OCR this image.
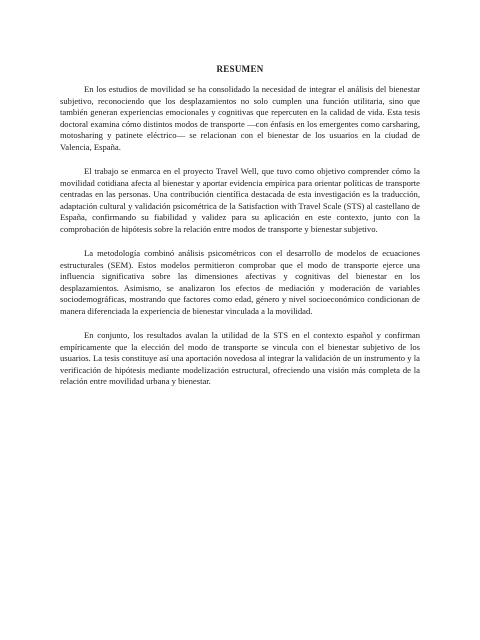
RESUMEN

En los estudios de movilidad se ha consolidado la necesidad de integrar el análisis del bienestar subjetivo, reconociendo que los desplazamientos no solo cumplen una función utilitaria, sino que también generan experiencias emocionales y cognitivas que repercuten en la calidad de vida. Esta tesis doctoral examina cómo distintos modos de transporte —con énfasis en los emergentes como carsharing, motosharing y patinete eléctrico— se relacionan con el bienestar de los usuarios en la ciudad de Valencia, España.

El trabajo se enmarca en el proyecto Travel Well, que tuvo como objetivo comprender cómo la movilidad cotidiana afecta al bienestar y aportar evidencia empírica para orientar políticas de transporte centradas en las personas. Una contribución científica destacada de esta investigación es la traducción, adaptación cultural y validación psicométrica de la Satisfaction with Travel Scale (STS) al castellano de España, confirmando su fiabilidad y validez para su aplicación en este contexto, junto con la comprobación de hipótesis sobre la relación entre modos de transporte y bienestar subjetivo.

La metodología combinó análisis psicométricos con el desarrollo de modelos de ecuaciones estructurales (SEM). Estos modelos permitieron comprobar que el modo de transporte ejerce una influencia significativa sobre las dimensiones afectivas y cognitivas del bienestar en los desplazamientos. Asimismo, se analizaron los efectos de mediación y moderación de variables sociodemográficas, mostrando que factores como edad, género y nivel socioeconómico condicionan de manera diferenciada la experiencia de bienestar vinculada a la movilidad.

En conjunto, los resultados avalan la utilidad de la STS en el contexto español y confirman empíricamente que la elección del modo de transporte se vincula con el bienestar subjetivo de los usuarios. La tesis constituye así una aportación novedosa al integrar la validación de un instrumento y la verificación de hipótesis mediante modelización estructural, ofreciendo una visión más completa de la relación entre movilidad urbana y bienestar.
